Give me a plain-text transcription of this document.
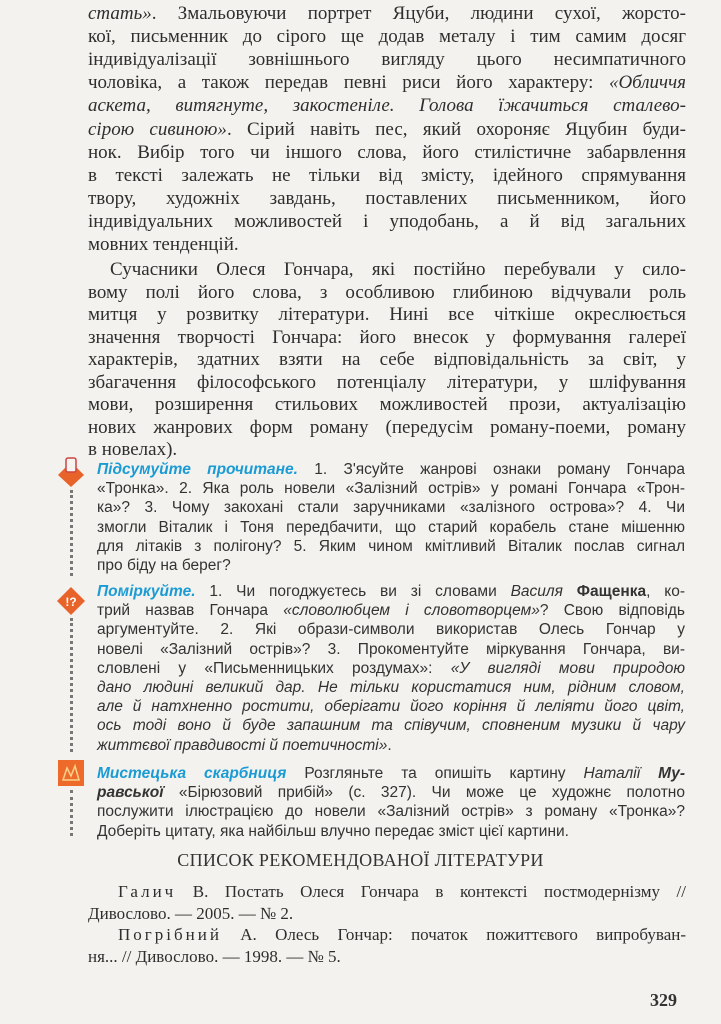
стать». Змальовуючи портрет Яцуби, людини сухої, жорсто-
кої, письменник до сірого ще додав металу і тим самим досяг
індивідуалізації зовнішнього вигляду цього несимпатичного
чоловіка, а також передав певні риси його характеру: «Обличчя
аскета, витягнуте, закостеніле. Голова їжачиться сталево-
сірою сивиною». Сірий навіть пес, який охороняє Яцубин буди-
нок. Вибір того чи іншого слова, його стилістичне забарвлення
в тексті залежать не тільки від змісту, ідейного спрямування
твору, художніх завдань, поставлених письменником, його
індивідуальних можливостей і уподобань, а й від загальних
мовних тенденцій.
Сучасники Олеся Гончара, які постійно перебували у сило-
вому полі його слова, з особливою глибиною відчували роль
митця у розвитку літератури. Нині все чіткіше окреслюється
значення творчості Гончара: його внесок у формування галереї
характерів, здатних взяти на себе відповідальність за світ, у
збагачення філософського потенціалу літератури, у шліфування
мови, розширення стильових можливостей прози, актуалізацію
нових жанрових форм роману (передусім роману-поеми, роману
в новелах).
Підсумуйте прочитане. 1. З'ясуйте жанрові ознаки роману Гончара
«Тронка». 2. Яка роль новели «Залізний острів» у романі Гончара «Трон-
ка»? 3. Чому закохані стали заручниками «залізного острова»? 4. Чи
змогли Віталик і Тоня передбачити, що старий корабель стане мішенню
для літаків з полігону? 5. Яким чином кмітливий Віталик послав сигнал
про біду на берег?
!?
Поміркуйте. 1. Чи погоджуєтесь ви зі словами Василя Фащенка, ко-
трий назвав Гончара «словолюбцем і словотворцем»? Свою відповідь
аргументуйте. 2. Які образи-символи використав Олесь Гончар у
новелі «Залізний острів»? 3. Прокоментуйте міркування Гончара, ви-
словлені у «Письменницьких роздумах»: «У вигляді мови природою
дано людині великий дар. Не тільки користатися ним, рідним словом,
але й натхненно ростити, оберігати його коріння й леліяти його цвіт,
ось тоді воно й буде запашним та співучим, сповненим музики й чару
життєвої правдивості й поетичності».
Мистецька скарбниця Розгляньте та опишіть картину Наталії Му-
равської «Бірюзовий прибій» (с. 327). Чи може це художнє полотно
послужити ілюстрацією до новели «Залізний острів» з роману «Тронка»?
Доберіть цитату, яка найбільш влучно передає зміст цієї картини.
СПИСОК РЕКОМЕНДОВАНОЇ ЛІТЕРАТУРИ
Галич В. Постать Олеся Гончара в контексті постмодернізму //
Дивослово. — 2005. — № 2.
Погрібний А. Олесь Гончар: початок пожиттєвого випробуван-
ня... // Дивослово. — 1998. — № 5.
329
